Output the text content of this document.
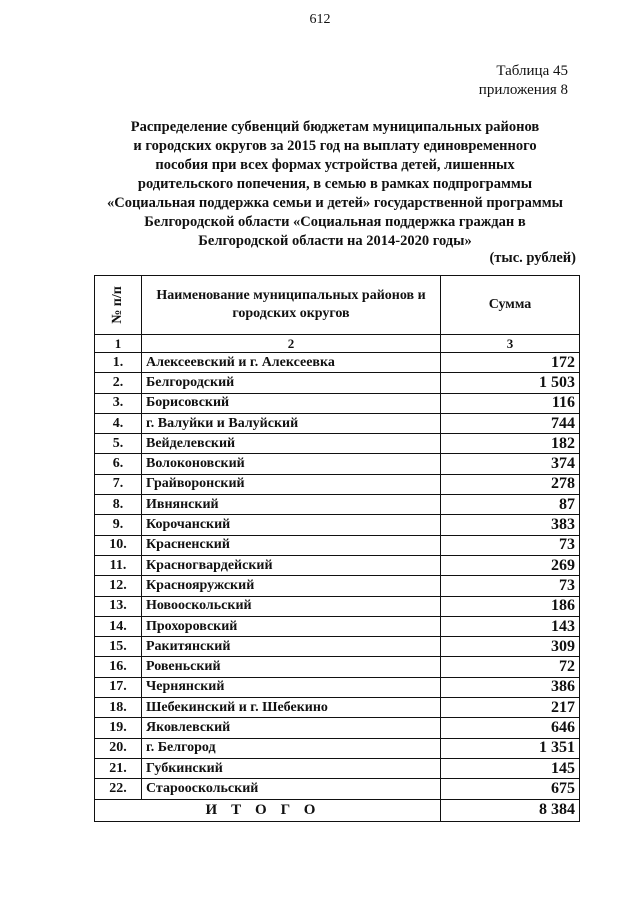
612
Таблица 45
приложения 8
Распределение субвенций бюджетам муниципальных районов
и городских округов за 2015 год на выплату единовременного
пособия при всех формах устройства детей, лишенных
родительского попечения, в семью в рамках подпрограммы
«Социальная поддержка семьи и детей» государственной программы
Белгородской области «Социальная поддержка граждан в
Белгородской области на 2014-2020 годы»
(тыс. рублей)
№ п/п	Наименование муниципальных районов и городских округов	Сумма
1	2	3
1.	Алексеевский и г. Алексеевка	172
2.	Белгородский	1 503
3.	Борисовский	116
4.	г. Валуйки и Валуйский	744
5.	Вейделевский	182
6.	Волоконовский	374
7.	Грайворонский	278
8.	Ивнянский	87
9.	Корочанский	383
10.	Красненский	73
11.	Красногвардейский	269
12.	Краснояружский	73
13.	Новооскольский	186
14.	Прохоровский	143
15.	Ракитянский	309
16.	Ровеньский	72
17.	Чернянский	386
18.	Шебекинский и г. Шебекино	217
19.	Яковлевский	646
20.	г. Белгород	1 351
21.	Губкинский	145
22.	Старооскольский	675
ИТОГО		8 384
